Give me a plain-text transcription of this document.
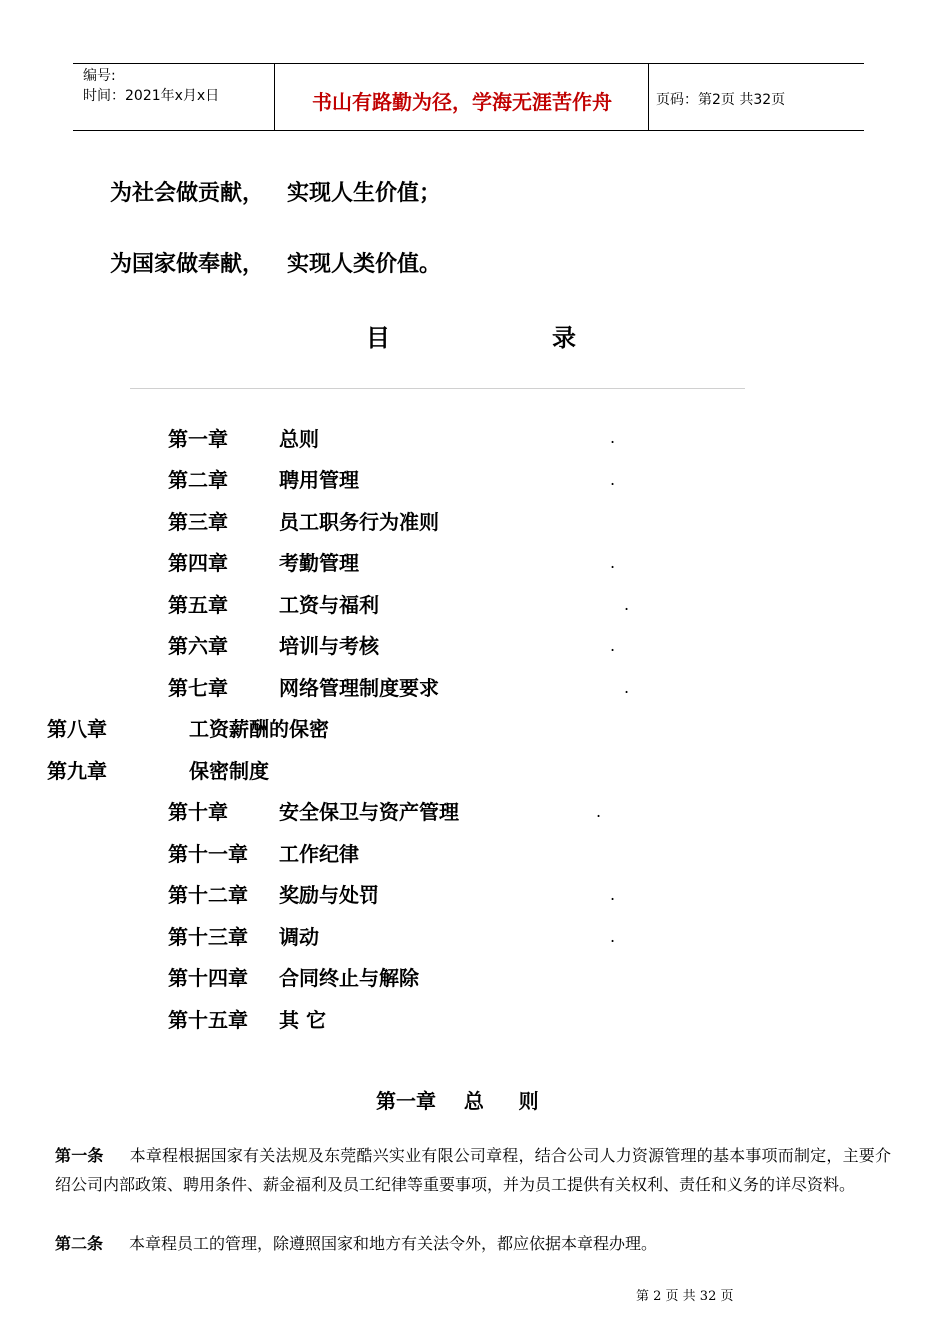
编号:
时间：2021年x月x日	书山有路勤为径，学海无涯苦作舟	页码：第2页 共32页
为社会做贡献，   实现人生价值；
为国家做奉献，   实现人类价值。
目	录
第一章	总则	.
第二章	聘用管理	.
第三章	员工职务行为准则
第四章	考勤管理	.
第五章	工资与福利	.
第六章	培训与考核	.
第七章	网络管理制度要求	.
第八章	工资薪酬的保密
第九章	保密制度
第十章	安全保卫与资产管理	.
第十一章 工作纪律
第十二章 奖励与处罚	.
第十三章 调动	.
第十四章 合同终止与解除
第十五章 其 它
第一章    总     则
第一条 本章程根据国家有关法规及东莞酷兴实业有限公司章程，结合公司人力资源管理的基本事项而制定，主要介绍公司内部政策、聘用条件、薪金福利及员工纪律等重要事项，并为员工提供有关权利、责任和义务的详尽资料。
第二条 本章程员工的管理，除遵照国家和地方有关法令外，都应依据本章程办理。
第 2 页 共 32 页
